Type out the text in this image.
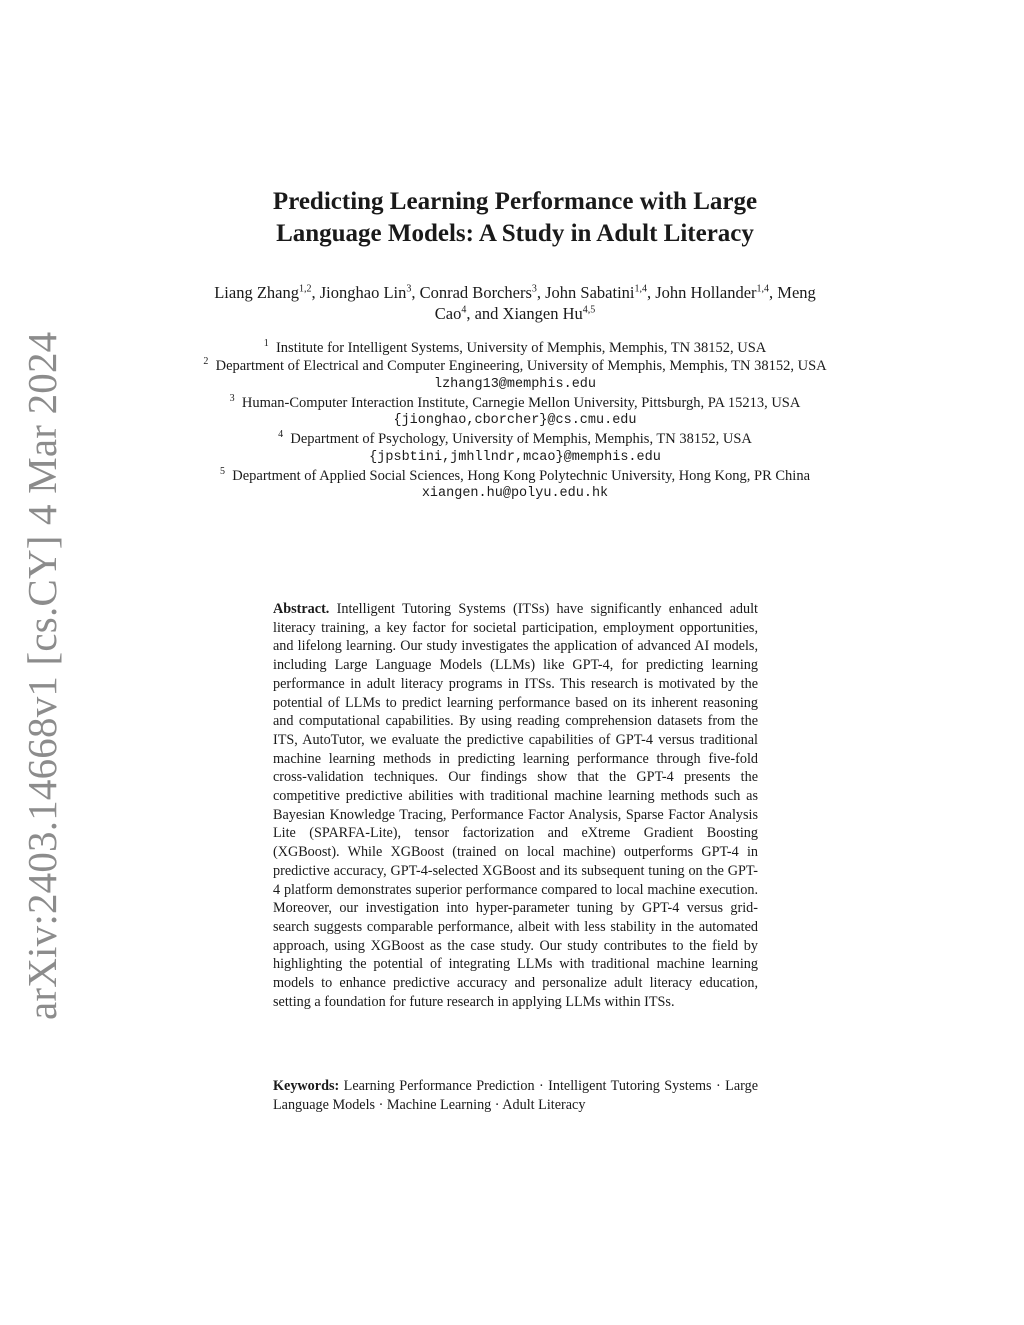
arXiv:2403.14668v1 [cs.CY] 4 Mar 2024
Predicting Learning Performance with Large
Language Models: A Study in Adult Literacy
Liang Zhang$^{1,2}$, Jionghao Lin$^3$, Conrad Borchers$^3$, John Sabatini$^{1,4}$, John Hollander$^{1,4}$, Meng Cao$^4$, and Xiangen Hu$^{4,5}$

$^1$ Institute for Intelligent Systems, University of Memphis, Memphis, TN 38152, USA

$^2$ Department of Electrical and Computer Engineering, University of Memphis, Memphis, TN 38152, USA

lzhang13@memphis.edu

$^3$ Human-Computer Interaction Institute, Carnegie Mellon University, Pittsburgh, PA 15213, USA

{jionghao,cborcher}@cs.cmu.edu

$^4$ Department of Psychology, University of Memphis, Memphis, TN 38152, USA

{jpsbtini,jmhllndr,mcao}@memphis.edu

$^5$ Department of Applied Social Sciences, Hong Kong Polytechnic University, Hong Kong, PR China

xiangen.hu@polyu.edu.hk

Abstract. Intelligent Tutoring Systems (ITSs) have significantly enhanced adult literacy training, a key factor for societal participation, employment opportunities, and lifelong learning. Our study investigates the application of advanced AI models, including Large Language Models (LLMs) like GPT-4, for predicting learning performance in adult literacy programs in ITSs. This research is motivated by the potential of LLMs to predict learning performance based on its inherent reasoning and computational capabilities. By using reading comprehension datasets from the ITS, AutoTutor, we evaluate the predictive capabilities of GPT-4 versus traditional machine learning methods in predicting learning performance through five-fold cross-validation techniques. Our findings show that the GPT-4 presents the competitive predictive abilities with traditional machine learning methods such as Bayesian Knowledge Tracing, Performance Factor Analysis, Sparse Factor Analysis Lite (SPARFA-Lite), tensor factorization and eXtreme Gradient Boosting (XGBoost). While XGBoost (trained on local machine) outperforms GPT-4 in predictive accuracy, GPT-4-selected XGBoost and its subsequent tuning on the GPT-4 platform demonstrates superior performance compared to local machine execution. Moreover, our investigation into hyper-parameter tuning by GPT-4 versus grid-search suggests comparable performance, albeit with less stability in the automated approach, using XGBoost as the case study. Our study contributes to the field by highlighting the potential of integrating LLMs with traditional machine learning models to enhance predictive accuracy and personalize adult literacy education, setting a foundation for future research in applying LLMs within ITSs.
Keywords: Learning Performance Prediction · Intelligent Tutoring Systems · Large Language Models · Machine Learning · Adult Literacy
